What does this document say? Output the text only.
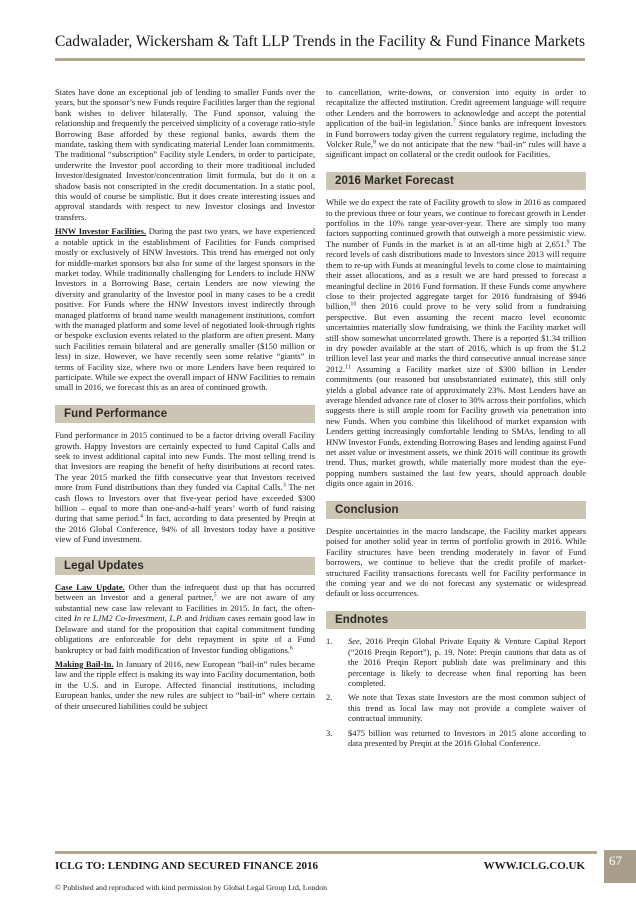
Cadwalader, Wickersham & Taft LLP Trends in the Facility & Fund Finance Markets

States have done an exceptional job of lending to smaller Funds over the years, but the sponsor’s new Funds require Facilities larger than the regional bank wishes to deliver bilaterally. The Fund sponsor, valuing the relationship and frequently the perceived simplicity of a coverage ratio-style Borrowing Base afforded by these regional banks, awards them the mandate, tasking them with syndicating material Lender loan commitments. The traditional “subscription” Facility style Lenders, in order to participate, underwrite the Investor pool according to their more traditional included Investor/designated Investor/concentration limit formula, but do it on a shadow basis not conscripted in the credit documentation. In a static pool, this would of course be simplistic. But it does create interesting issues and approval standards with respect to new Investor closings and Investor transfers.

HNW Investor Facilities. During the past two years, we have experienced a notable uptick in the establishment of Facilities for Funds comprised mostly or exclusively of HNW Investors. This trend has emerged not only for middle-market sponsors but also for some of the largest sponsors in the market today. While traditionally challenging for Lenders to include HNW Investors in a Borrowing Base, certain Lenders are now viewing the diversity and granularity of the Investor pool in many cases to be a credit positive. For Funds where the HNW Investors invest indirectly through managed platforms of brand name wealth management institutions, comfort with the managed platform and some level of negotiated look-through rights or bespoke exclusion events related to the platform are often present. Many such Facilities remain bilateral and are generally smaller ($150 million or less) in size. However, we have recently seen some relative “giants” in terms of Facility size, where two or more Lenders have been required to participate. While we expect the overall impact of HNW Facilities to remain small in 2016, we forecast this as an area of continued growth.

Fund Performance

Fund performance in 2015 continued to be a factor driving overall Facility growth. Happy Investors are certainly expected to fund Capital Calls and seek to invest additional capital into new Funds. The most telling trend is that Investors are reaping the benefit of hefty distributions at record rates. The year 2015 marked the fifth consecutive year that Investors received more from Fund distributions than they funded via Capital Calls.$^3$ The net cash flows to Investors over that five-year period have exceeded $300 billion – equal to more than one-and-a-half years’ worth of fund raising during that same period.$^4$ In fact, according to data presented by Preqin at the 2016 Global Conference, 94% of all Investors today have a positive view of Fund investment.

Legal Updates

Case Law Update. Other than the infrequent dust up that has occurred between an Investor and a general partner,$^5$ we are not aware of any substantial new case law relevant to Facilities in 2015. In fact, the often-cited In re LJM2 Co-Investment, L.P. and Iridium cases remain good law in Delaware and stand for the proposition that capital commitment funding obligations are enforceable for debt repayment in spite of a Fund bankruptcy or bad faith modification of Investor funding obligations.$^6$

Making Bail-In. In January of 2016, new European “bail-in” rules became law and the ripple effect is making its way into Facility documentation, both in the U.S. and in Europe. Affected financial institutions, including European banks, under the new rules are subject to “bail-in” where certain of their unsecured liabilities could be subject

to cancellation, write-downs, or conversion into equity in order to recapitalize the affected institution. Credit agreement language will require other Lenders and the borrowers to acknowledge and accept the potential application of the bail-in legislation.$^7$ Since banks are infrequent Investors in Fund borrowers today given the current regulatory regime, including the Volcker Rule,$^8$ we do not anticipate that the new “bail-in” rules will have a significant impact on collateral or the credit outlook for Facilities.

2016 Market Forecast

While we do expect the rate of Facility growth to slow in 2016 as compared to the previous three or four years, we continue to forecast growth in Lender portfolios in the 10% range year-over-year. There are simply too many factors supporting continued growth that outweigh a more pessimistic view. The number of Funds in the market is at an all-time high at 2,651.$^9$ The record levels of cash distributions made to Investors since 2013 will require them to re-up with Funds at meaningful levels to come close to maintaining their asset allocations, and as a result we are hard pressed to forecast a meaningful decline in 2016 Fund formation. If these Funds come anywhere close to their projected aggregate target for 2016 fundraising of $946 billion,$^{10}$ then 2016 could prove to be very solid from a fundraising perspective. But even assuming the recent macro level economic uncertainties materially slow fundraising, we think the Facility market will still show somewhat uncorrelated growth. There is a reported $1.34 trillion in dry powder available at the start of 2016, which is up from the $1.2 trillion level last year and marks the third consecutive annual increase since 2012.11 Assuming a Facility market size of $300 billion in Lender commitments (our reasoned but unsubstantiated estimate), this still only yields a global advance rate of approximately 23%. Most Lenders have an average blended advance rate of closer to 30% across their portfolios, which suggests there is still ample room for Facility growth via penetration into new Funds. When you combine this likelihood of market expansion with Lenders getting increasingly comfortable lending to SMAs, lending to all HNW Investor Funds, extending Borrowing Bases and lending against Fund net asset value or investment assets, we think 2016 will continue its growth trend. Thus, market growth, while materially more modest than the eye-popping numbers sustained the last few years, should approach double digits once again in 2016.

Conclusion

Despite uncertainties in the macro landscape, the Facility market appears poised for another solid year in terms of portfolio growth in 2016. While Facility structures have been trending moderately in favor of Fund borrowers, we continue to believe that the credit profile of market-structured Facility transactions forecasts well for Facility performance in the coming year and we do not forecast any systematic or widespread default or loss occurrences.

Endnotes
1.	See, 2016 Preqin Global Private Equity & Venture Capital Report (“2016 Preqin Report”), p. 19. Note: Preqin cautions that data as of the 2016 Preqin Report publish date was preliminary and this percentage is likely to decrease when final reporting has been completed.
2.	We note that Texas state Investors are the most common subject of this trend as local law may not provide a complete waiver of contractual immunity.
3.	$475 billion was returned to Investors in 2015 alone according to data presented by Preqin at the 2016 Global Conference.
ICLG TO: LENDING AND SECURED FINANCE 2016	WWW.ICLG.CO.UK
© Published and reproduced with kind permission by Global Legal Group Ltd, London
67
